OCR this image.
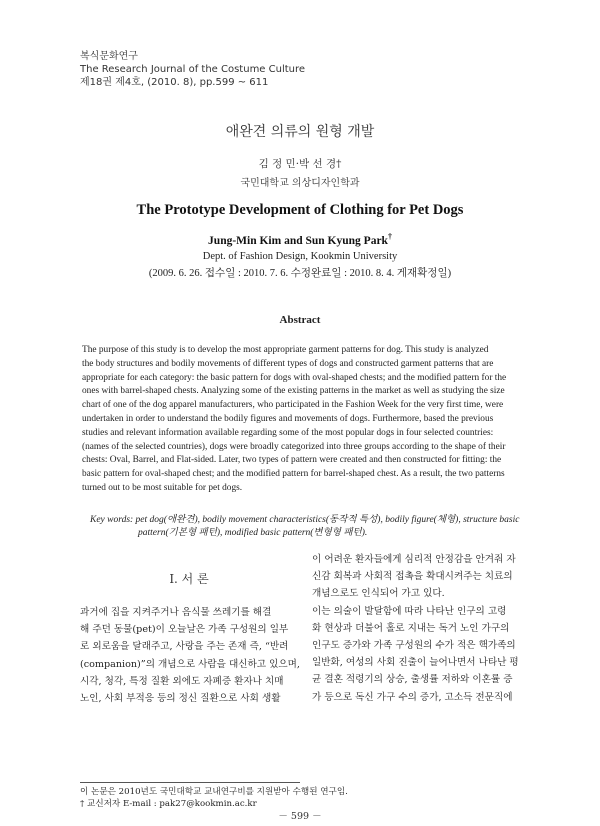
복식문화연구
The Research Journal of the Costume Culture
제18권 제4호, (2010. 8), pp.599 ~ 611
애완견 의류의 원형 개발
김 정 민·박 선 경†
국민대학교 의상디자인학과
The Prototype Development of Clothing for Pet Dogs
Jung-Min Kim and Sun Kyung Park†
Dept. of Fashion Design, Kookmin University
(2009. 6. 26. 접수일 : 2010. 7. 6. 수정완료일 : 2010. 8. 4. 게재확정일)
Abstract
The purpose of this study is to develop the most appropriate garment patterns for dog. This study is analyzed
the body structures and bodily movements of different types of dogs and constructed garment patterns that are
appropriate for each category: the basic pattern for dogs with oval-shaped chests; and the modified pattern for the
ones with barrel-shaped chests. Analyzing some of the existing patterns in the market as well as studying the size
chart of one of the dog apparel manufacturers, who participated in the Fashion Week for the very first time, were
undertaken in order to understand the bodily figures and movements of dogs. Furthermore, based the previous
studies and relevant information available regarding some of the most popular dogs in four selected countries:
(names of the selected countries), dogs were broadly categorized into three groups according to the shape of their
chests: Oval, Barrel, and Flat-sided. Later, two types of pattern were created and then constructed for fitting: the
basic pattern for oval-shaped chest; and the modified pattern for barrel-shaped chest. As a result, the two patterns
turned out to be most suitable for pet dogs.
Key words: pet dog(애완견), bodily movement characteristics(동작적 특성), bodily figure(체형), structure basic
pattern(기본형 패턴), modified basic pattern(변형형 패턴).
Ⅰ. 서 론
과거에 집을 지켜주거나 음식물 쓰레기를 해결
해 주던 동물(pet)이 오늘날은 가족 구성원의 일부
로 외로움을 달래주고, 사랑을 주는 존재 즉, “반려
(companion)”의 개념으로 사람을 대신하고 있으며,
시각, 청각, 특정 질환 외에도 자폐증 환자나 치매
노인, 사회 부적응 등의 정신 질환으로 사회 생활
이 어려운 환자들에게 심리적 안정감을 안겨줘 자
신감 회복과 사회적 접촉을 확대시켜주는 치료의
개념으로도 인식되어 가고 있다.
이는 의술이 발달함에 따라 나타난 인구의 고령
화 현상과 더불어 홀로 지내는 독거 노인 가구의
인구도 증가와 가족 구성원의 수가 적은 핵가족의
일반화, 여성의 사회 진출이 늘어나면서 나타난 평
균 결혼 적령기의 상승, 출생률 저하와 이혼률 증
가 등으로 독신 가구 수의 증가, 고소득 전문직에
이 논문은 2010년도 국민대학교 교내연구비를 지원받아 수행된 연구임.
† 교신저자 E-mail : pak27@kookmin.ac.kr
－ 599 －
